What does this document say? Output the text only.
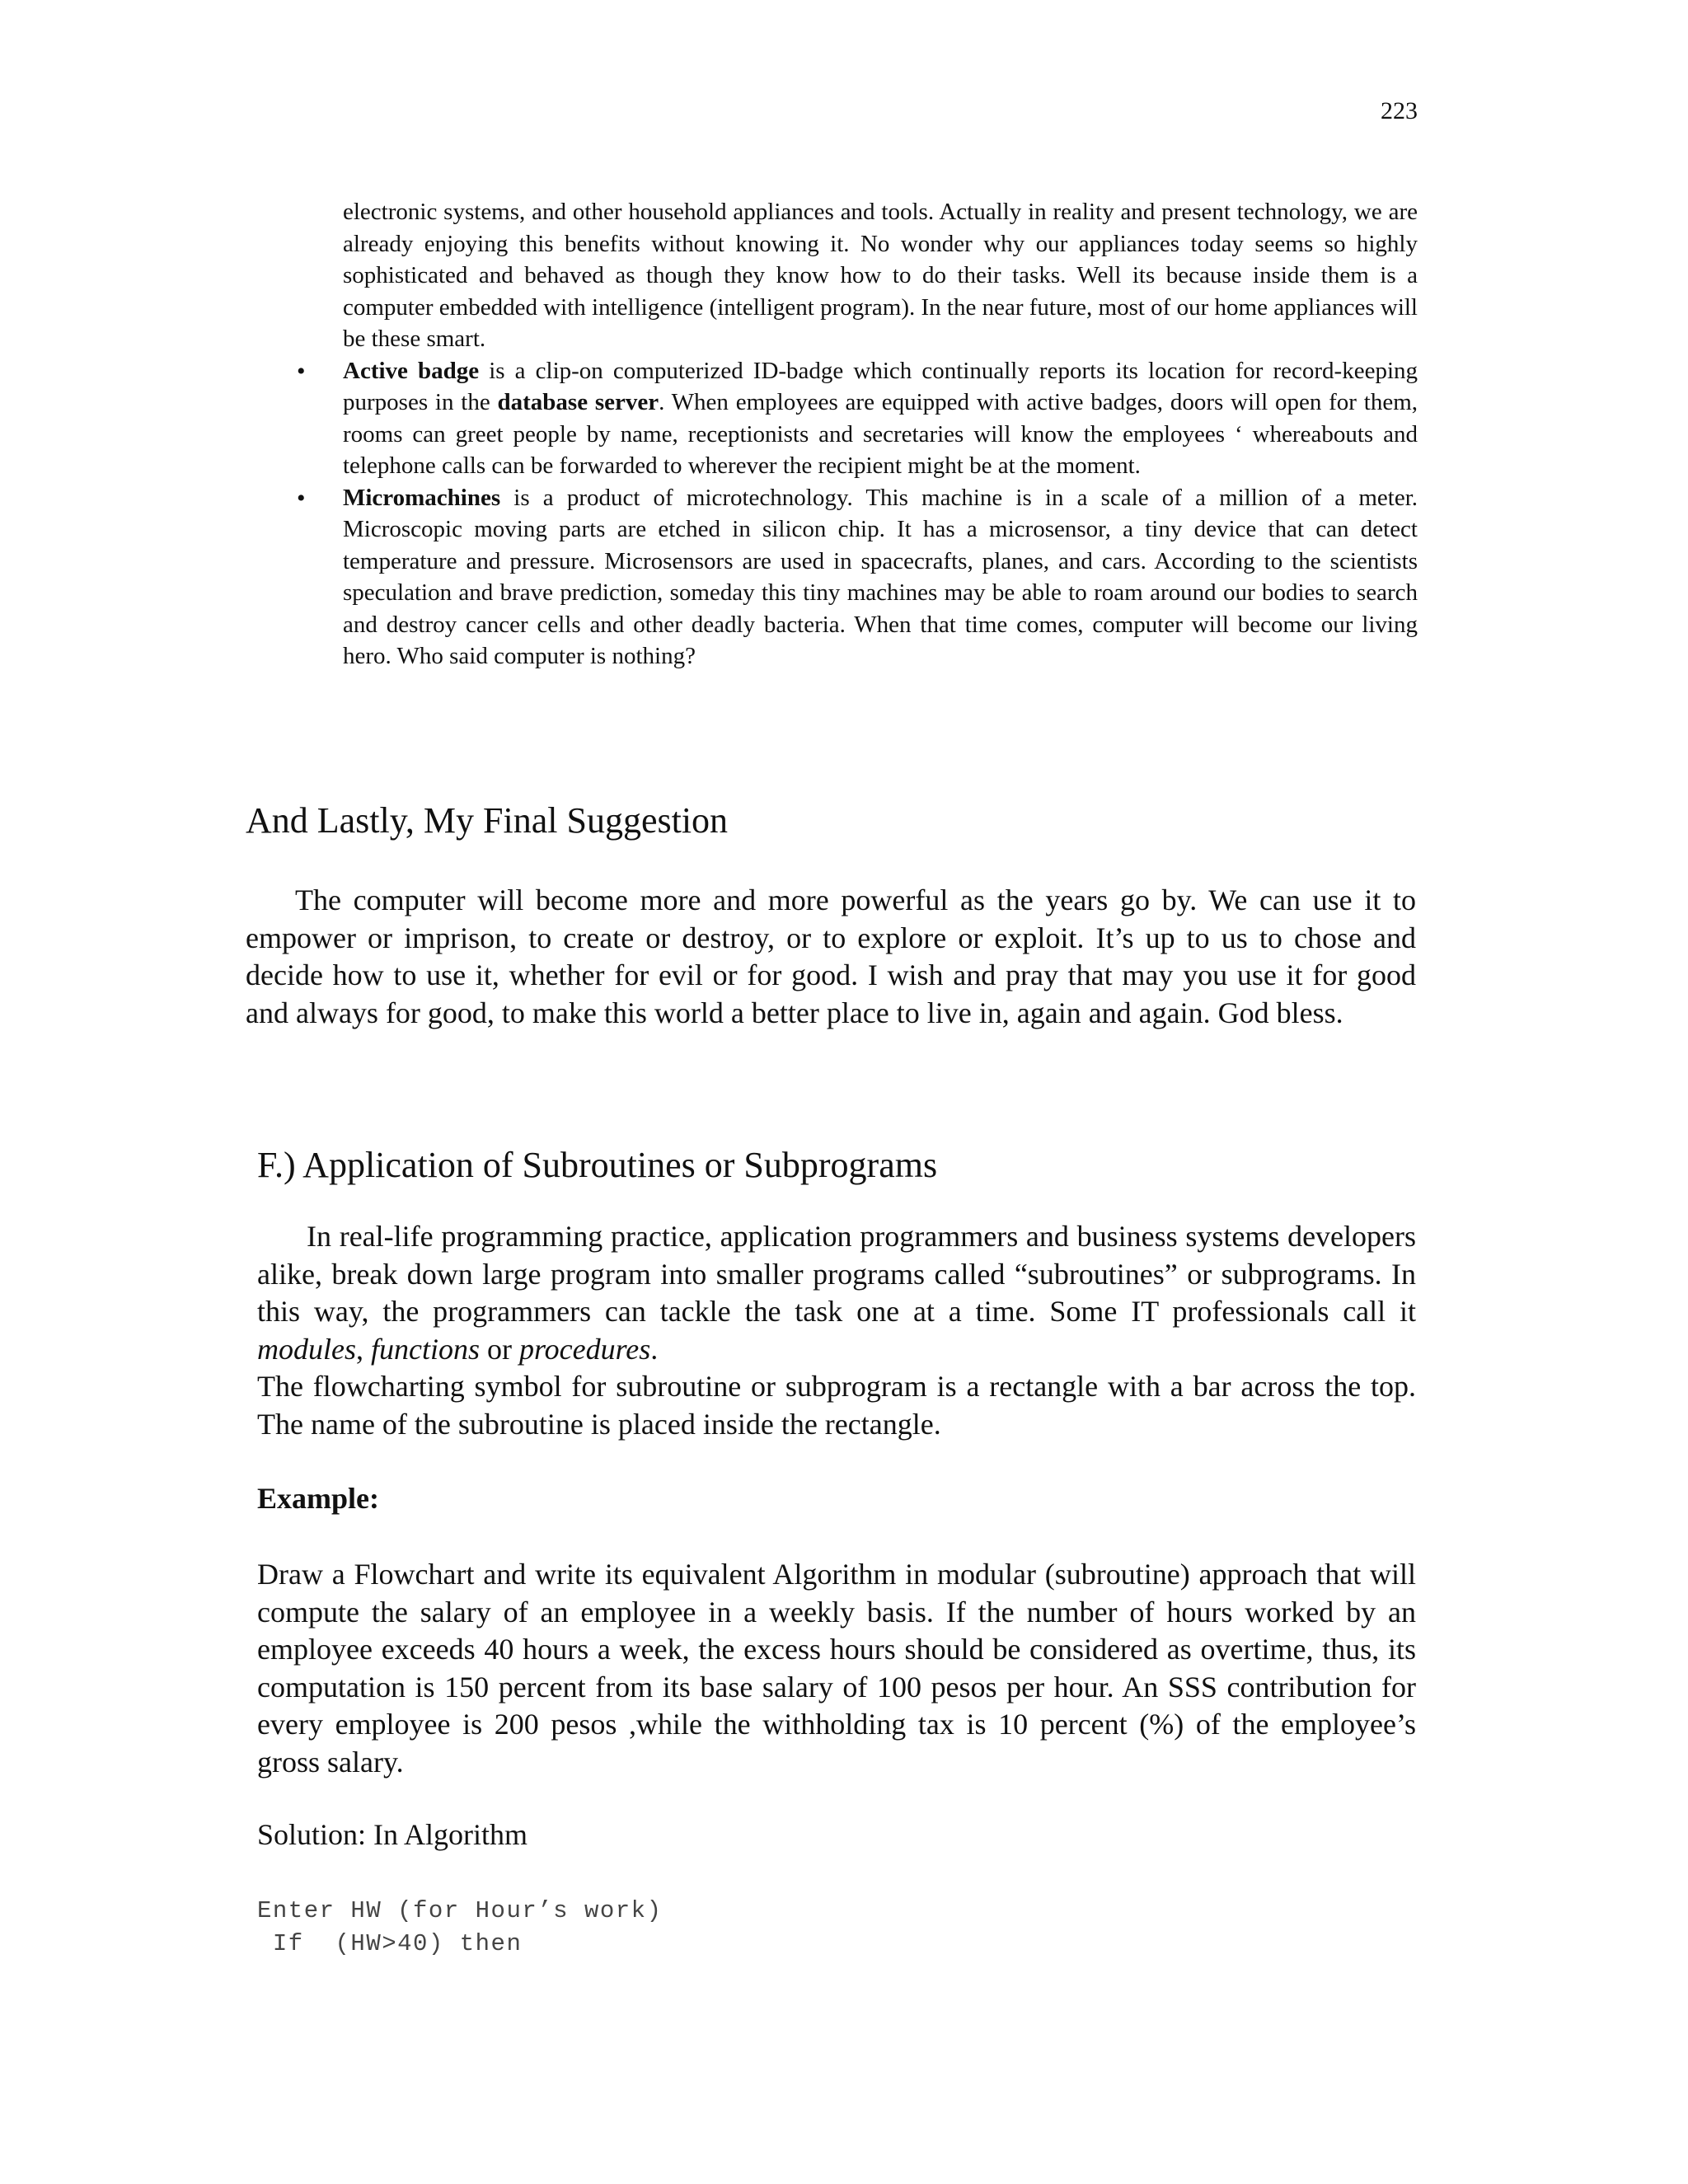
223

electronic systems, and other household appliances and tools. Actually in reality and present technology, we are already enjoying this benefits without knowing it. No wonder why our appliances today seems so highly sophisticated and behaved as though they know how to do their tasks. Well its because inside them is a computer embedded with intelligence (intelligent program). In the near future, most of our home appliances will be these smart.

• Active badge is a clip-on computerized ID-badge which continually reports its location for record-keeping purposes in the database server. When employees are equipped with active badges, doors will open for them, rooms can greet people by name, receptionists and secretaries will know the employees ‘ whereabouts and telephone calls can be forwarded to wherever the recipient might be at the moment.

• Micromachines is a product of microtechnology. This machine is in a scale of a million of a meter. Microscopic moving parts are etched in silicon chip. It has a microsensor, a tiny device that can detect temperature and pressure. Microsensors are used in spacecrafts, planes, and cars. According to the scientists speculation and brave prediction, someday this tiny machines may be able to roam around our bodies to search and destroy cancer cells and other deadly bacteria. When that time comes, computer will become our living hero. Who said computer is nothing?

And Lastly, My Final Suggestion

The computer will become more and more powerful as the years go by. We can use it to empower or imprison, to create or destroy, or to explore or exploit. It’s up to us to chose and decide how to use it, whether for evil or for good. I wish and pray that may you use it for good and always for good, to make this world a better place to live in, again and again. God bless.

F.) Application of Subroutines or Subprograms

In real-life programming practice, application programmers and business systems developers alike, break down large program into smaller programs called “subroutines” or subprograms. In this way, the programmers can tackle the task one at a time. Some IT professionals call it modules, functions or procedures.

The flowcharting symbol for subroutine or subprogram is a rectangle with a bar across the top. The name of the subroutine is placed inside the rectangle.

Example:

Draw a Flowchart and write its equivalent Algorithm in modular (subroutine) approach that will compute the salary of an employee in a weekly basis. If the number of hours worked by an employee exceeds 40 hours a week, the excess hours should be considered as overtime, thus, its computation is 150 percent from its base salary of 100 pesos per hour. An SSS contribution for every employee is 200 pesos ,while the withholding tax is 10 percent (%) of the employee’s gross salary.

Solution: In Algorithm

Enter HW (for Hour’s work)

If  (HW>40) then
